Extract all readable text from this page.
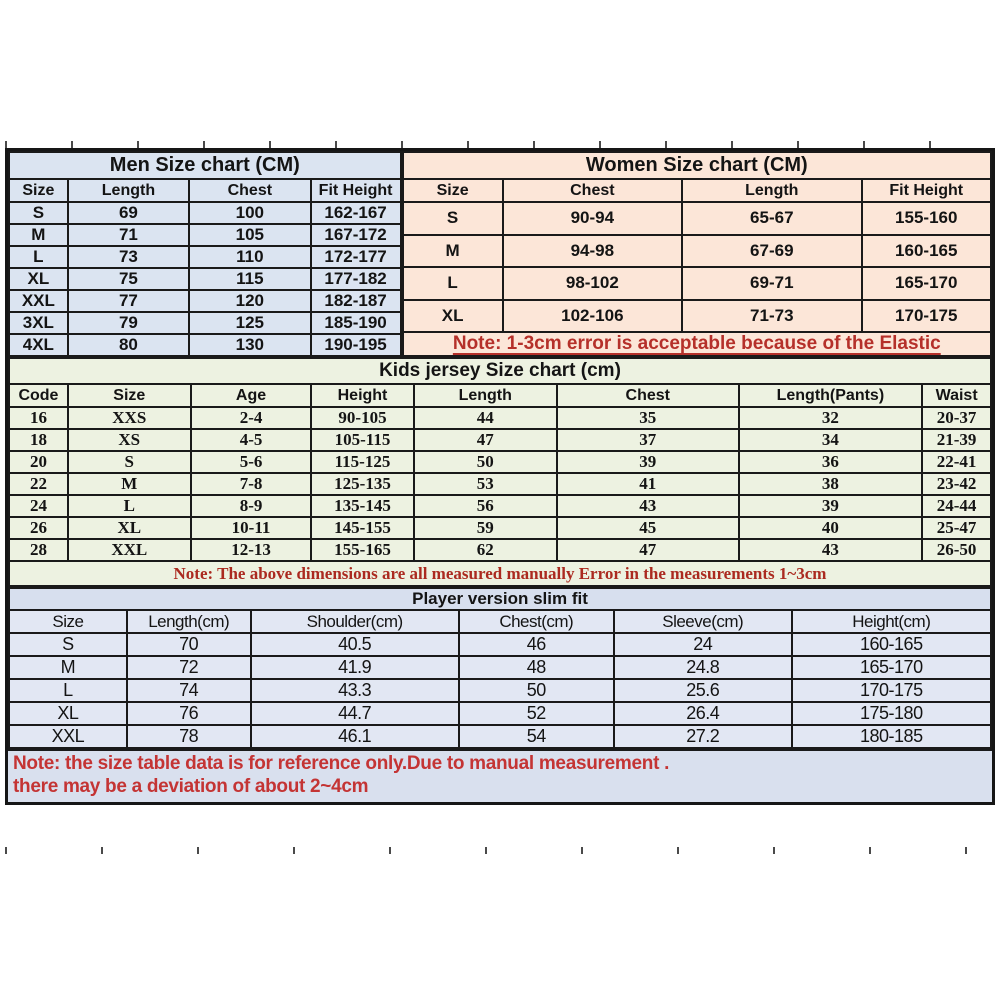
Men Size chart (CM)			
Size	Length	Chest	Fit Height
S	69	100	162-167
M	71	105	167-172
L	73	110	172-177
XL	75	115	177-182
XXL	77	120	182-187
3XL	79	125	185-190
4XL	80	130	190-195
Women Size chart (CM)			
Size	Chest	Length	Fit Height
S	90-94	65-67	155-160
M	94-98	67-69	160-165
L	98-102	69-71	165-170
XL	102-106	71-73	170-175
Note: 1-3cm error is acceptable because of the Elastic			
Kids jersey Size chart (cm)							
Code	Size	Age	Height	Length	Chest	Length(Pants)	Waist
16	XXS	2-4	90-105	44	35	32	20-37
18	XS	4-5	105-115	47	37	34	21-39
20	S	5-6	115-125	50	39	36	22-41
22	M	7-8	125-135	53	41	38	23-42
24	L	8-9	135-145	56	43	39	24-44
26	XL	10-11	145-155	59	45	40	25-47
28	XXL	12-13	155-165	62	47	43	26-50
Note: The above dimensions are all measured manually Error in the measurements 1~3cm							
Player version slim fit					
Size	Length(cm)	Shoulder(cm)	Chest(cm)	Sleeve(cm)	Height(cm)
S	70	40.5	46	24	160-165
M	72	41.9	48	24.8	165-170
L	74	43.3	50	25.6	170-175
XL	76	44.7	52	26.4	175-180
XXL	78	46.1	54	27.2	180-185
Note: the size table data is for reference only.Due to manual measurement .
there may be a deviation of about 2~4cm
